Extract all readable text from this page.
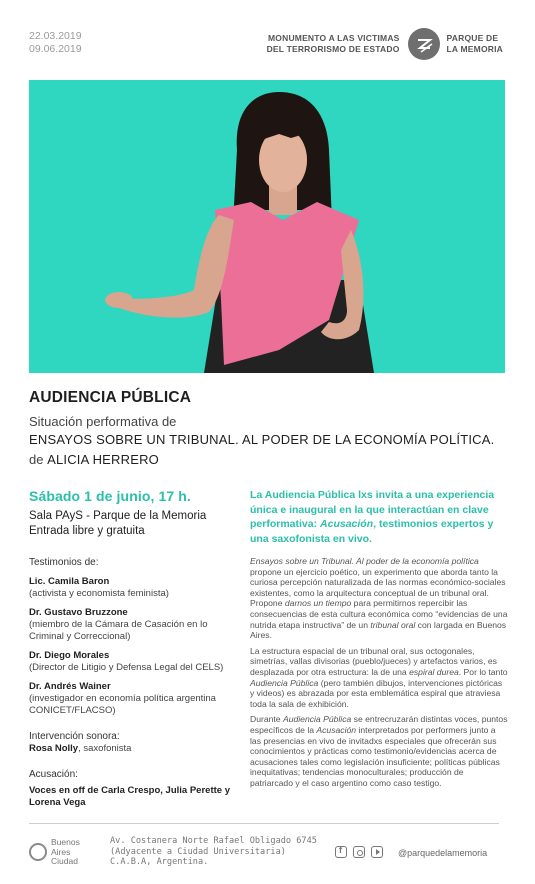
22.03.2019
09.06.2019
MONUMENTO A LAS VICTIMAS
DEL TERRORISMO DE ESTADO
PARQUE DE
LA MEMORIA
AUDIENCIA PÚBLICA
Situación performativa de
ENSAYOS SOBRE UN TRIBUNAL. AL PODER DE LA ECONOMÍA POLÍTICA.
de ALICIA HERRERO
Sábado 1 de junio, 17 h.
Sala PAyS - Parque de la Memoria
Entrada libre y gratuita
La Audiencia Pública lxs invita a una experiencia única e inaugural en la que interactúan en clave performativa: Acusación, testimonios expertos y una saxofonista en vivo.
Testimonios de:
Lic. Camila Baron
(activista y economista feminista)
Dr. Gustavo Bruzzone
(miembro de la Cámara de Casación en lo Criminal y Correccional)
Dr. Diego Morales
(Director de Litigio y Defensa Legal del CELS)
Dr. Andrés Wainer
(investigador en economía política argentina CONICET/FLACSO)
Intervención sonora:
Rosa Nolly, saxofonista
Acusación:
Voces en off de Carla Crespo, Julia Perette y Lorena Vega

Ensayos sobre un Tribunal. Al poder de la economía política propone un ejercicio poético, un experimento que aborda tanto la curiosa percepción naturalizada de las normas económico-sociales existentes, como la arquitectura conceptual de un tribunal oral. Propone darnos un tiempo para permitirnos repercibir las consecuencias de esta cultura económica como “evidencias de una nutrida etapa instructiva” de un tribunal oral con largada en Buenos Aires.

La estructura espacial de un tribunal oral, sus octogonales, simetrías, vallas divisorias (pueblo/jueces) y artefactos varios, es desplazada por otra estructura: la de una espiral durea. Por lo tanto Audiencia Pública (pero también dibujos, intervenciones pictóricas y videos) es abrazada por esta emblemática espiral que atraviesa toda la sala de exhibición.

Durante Audiencia Pública se entrecruzarán distintas voces, puntos específicos de la Acusación interpretados por performers junto a las presencias en vivo de invitadxs especiales que ofrecerán sus conocimientos y prácticas como testimonio/evidencias acerca de acusaciones tales como legislación insuficiente; políticas públicas inequitativas; tendencias monoculturales; producción de patriarcado y el caso argentino como caso testigo.

Buenos
Aires
Ciudad
Av. Costanera Norte Rafael Obligado 6745
(Adyacente a Ciudad Universitaria)
C.A.B.A, Argentina.
f
@parquedelamemoria
